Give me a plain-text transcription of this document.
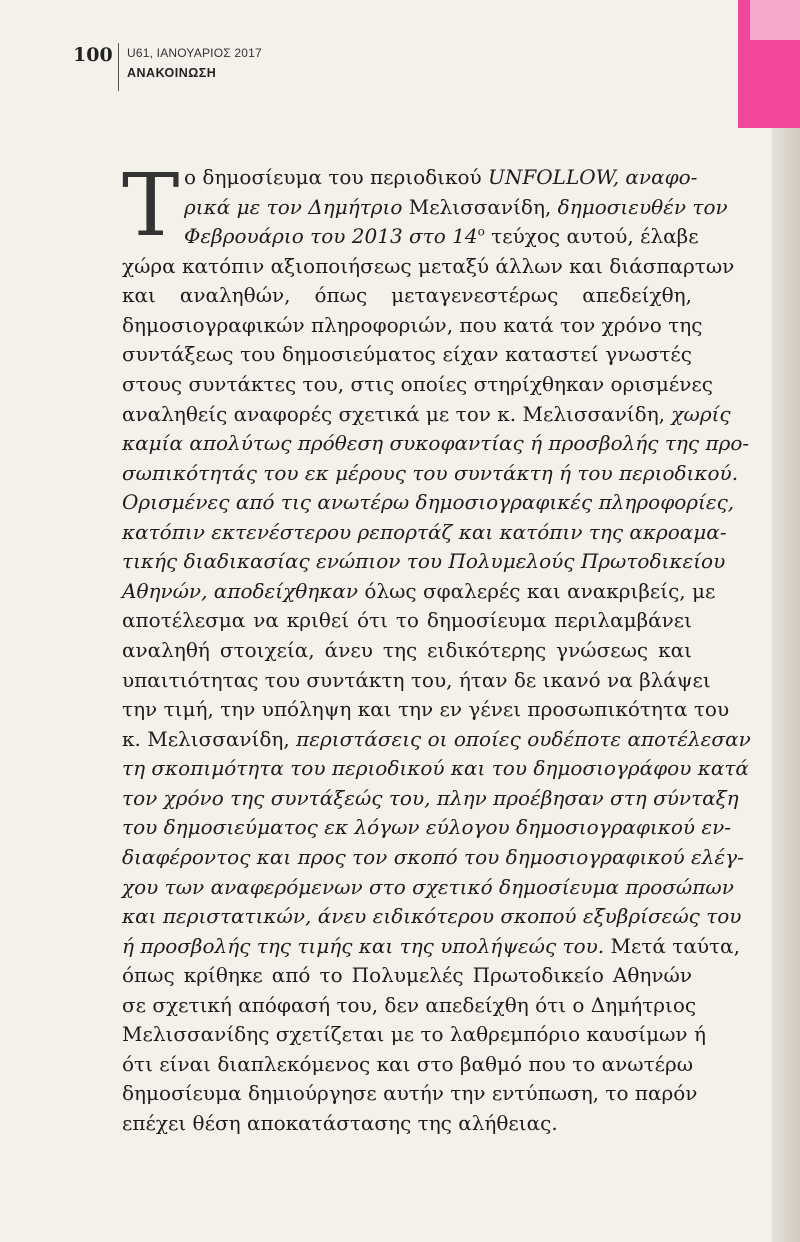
100 U61, ΙΑΝΟΥΑΡΙΟΣ 2017
ΑΝΑΚΟΙΝΩΣΗ
T ο δημοσίευμα του περιοδικού UNFOLLOW, αναφο-
ρικά με τον Δημήτριο Μελισσανίδη, δημοσιευθέν τον
Φεβρουάριο του 2013 στο $14^o$ τεύχος αυτού, έλαβε
χώρα κατόπιν αξιοποιήσεως μεταξύ άλλων και διάσπαρτων
και αναληθών, όπως μεταγενεστέρως απεδείχθη,
δημοσιογραφικών πληροφοριών, που κατά τον χρόνο της
συντάξεως του δημοσιεύματος είχαν καταστεί γνωστές
στους συντάκτες του, στις οποίες στηρίχθηκαν ορισμένες
αναληθείς αναφορές σχετικά με τον κ. Μελισσανίδη, χωρίς
καμία απολύτως πρόθεση συκοφαντίας ή προσβολής της προ-
σωπικότητάς του εκ μέρους του συντάκτη ή του περιοδικού.
Ορισμένες από τις ανωτέρω δημοσιογραφικές πληροφορίες,
κατόπιν εκτενέστερου ρεπορτάζ και κατόπιν της ακροαμα-
τικής διαδικασίας ενώπιον του Πολυμελούς Πρωτοδικείου
Αθηνών, αποδείχθηκαν όλως σφαλερές και ανακριβείς, με
αποτέλεσμα να κριθεί ότι το δημοσίευμα περιλαμβάνει
αναληθή στοιχεία, άνευ της ειδικότερης γνώσεως και
υπαιτιότητας του συντάκτη του, ήταν δε ικανό να βλάψει
την τιμή, την υπόληψη και την εν γένει προσωπικότητα του
κ. Μελισσανίδη, περιστάσεις οι οποίες ουδέποτε αποτέλεσαν
τη σκοπιμότητα του περιοδικού και του δημοσιογράφου κατά
τον χρόνο της συντάξεώς του, πλην προέβησαν στη σύνταξη
του δημοσιεύματος εκ λόγων εύλογου δημοσιογραφικού εν-
διαφέροντος και προς τον σκοπό του δημοσιογραφικού ελέγ-
χου των αναφερόμενων στο σχετικό δημοσίευμα προσώπων
και περιστατικών, άνευ ειδικότερου σκοπού εξυβρίσεώς του
ή προσβολής της τιμής και της υπολήψεώς του. Μετά ταύτα,
όπως κρίθηκε από το Πολυμελές Πρωτοδικείο Αθηνών
σε σχετική απόφασή του, δεν απεδείχθη ότι ο Δημήτριος
Μελισσανίδης σχετίζεται με το λαθρεμπόριο καυσίμων ή
ότι είναι διαπλεκόμενος και στο βαθμό που το ανωτέρω
δημοσίευμα δημιούργησε αυτήν την εντύπωση, το παρόν
επέχει θέση αποκατάστασης της αλήθειας.
